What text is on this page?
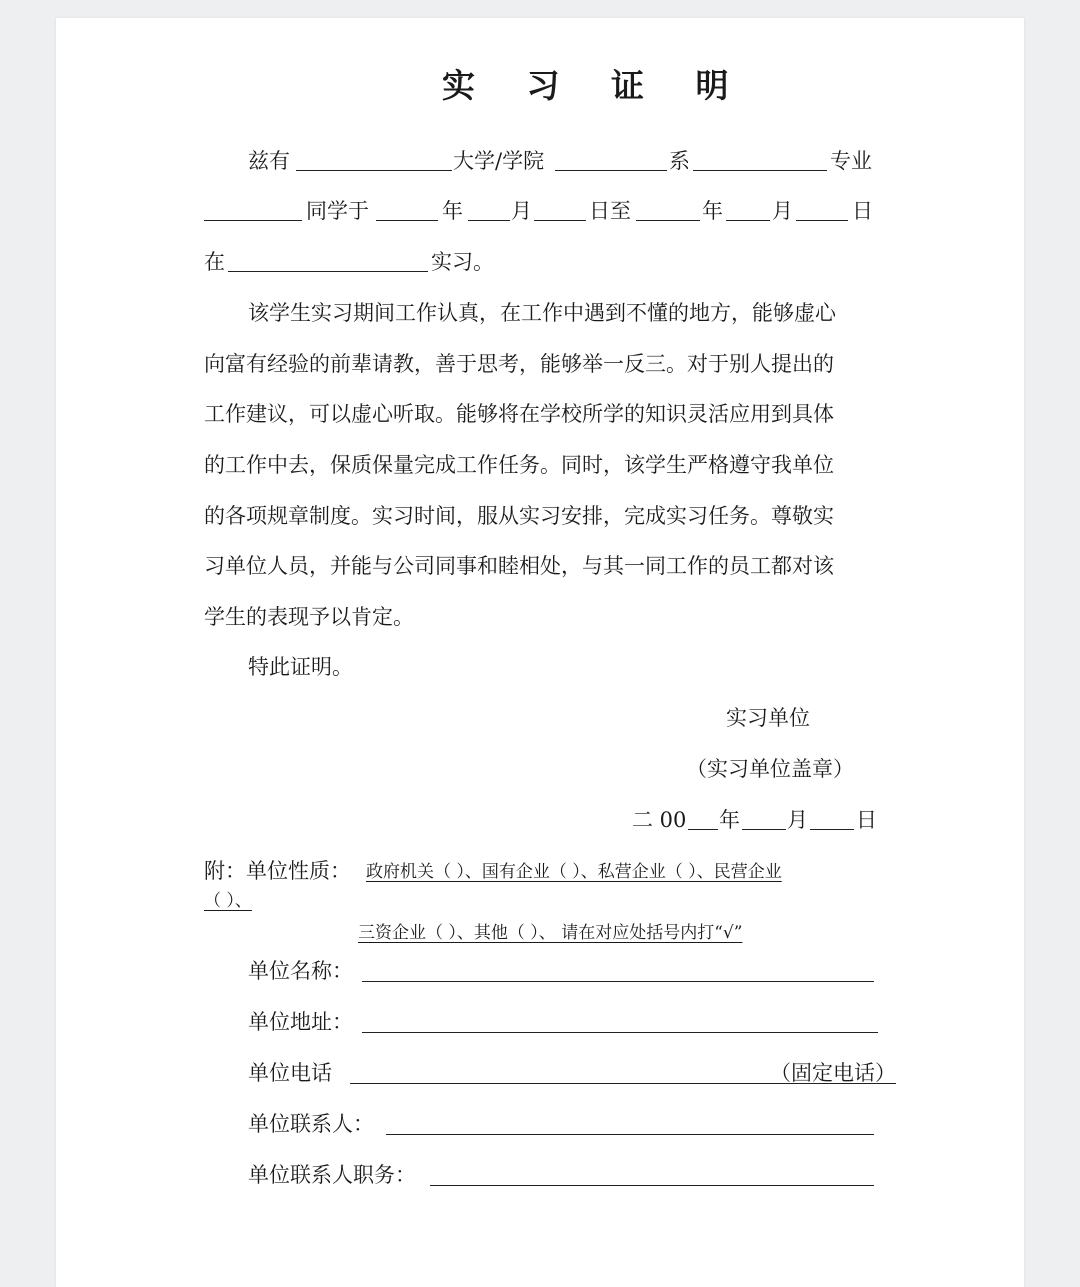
实 习 证 明
兹有	大学/学院	系	专业
同学于	年 月	日至	年 月	日
在	实习。
该学生实习期间工作认真，在工作中遇到不懂的地方，能够虚心
向富有经验的前辈请教，善于思考，能够举一反三。对于别人提出的
工作建议，可以虚心听取。能够将在学校所学的知识灵活应用到具体
的工作中去，保质保量完成工作任务。同时，该学生严格遵守我单位
的各项规章制度。实习时间，服从实习安排，完成实习任务。尊敬实
习单位人员，并能与公司同事和睦相处，与其一同工作的员工都对该
学生的表现予以肯定。
特此证明。
实习单位
（实习单位盖章）
二 00 年 月 日
附：单位性质： 政府机关（ ）、国有企业（ ）、私营企业（ ）、民营企业
（ ）、
三资企业（ ）、其他（ ）、 请在对应处括号内打“√”
单位名称：
单位地址：
单位电话	（固定电话）
单位联系人：
单位联系人职务：
